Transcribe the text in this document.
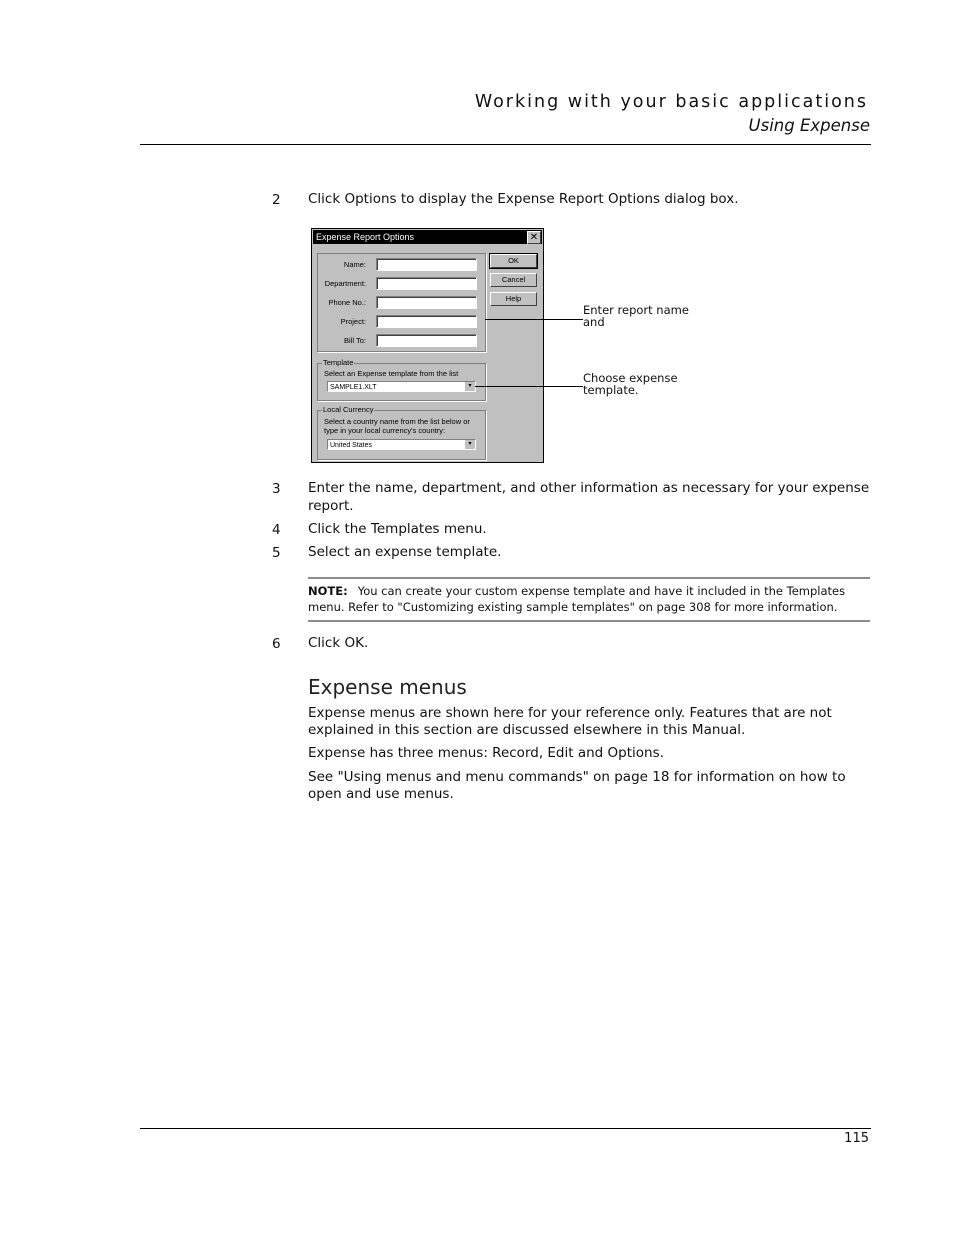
Working with your basic applications
Using Expense
2 Click Options to display the Expense Report Options dialog box.
Expense Report Options	✕
Name:
Department:
Phone No.:
Project:
Bill To:
OK
Cancel
Help
Template
Select an Expense template from the list
SAMPLE1.XLT	▾
Local Currency
Select a country name from the list below or
type in your local currency's country:
United States	▾
Enter report name
and
Choose expense
template.
3 Enter the name, department, and other information as necessary for your expense report.
4 Click the Templates menu.
5 Select an expense template.
NOTE: You can create your custom expense template and have it included in the Templates menu. Refer to "Customizing existing sample templates" on page 308 for more information.
6 Click OK.
Expense menus
Expense menus are shown here for your reference only. Features that are not explained in this section are discussed elsewhere in this Manual.
Expense has three menus: Record, Edit and Options.
See "Using menus and menu commands" on page 18 for information on how to open and use menus.
115
